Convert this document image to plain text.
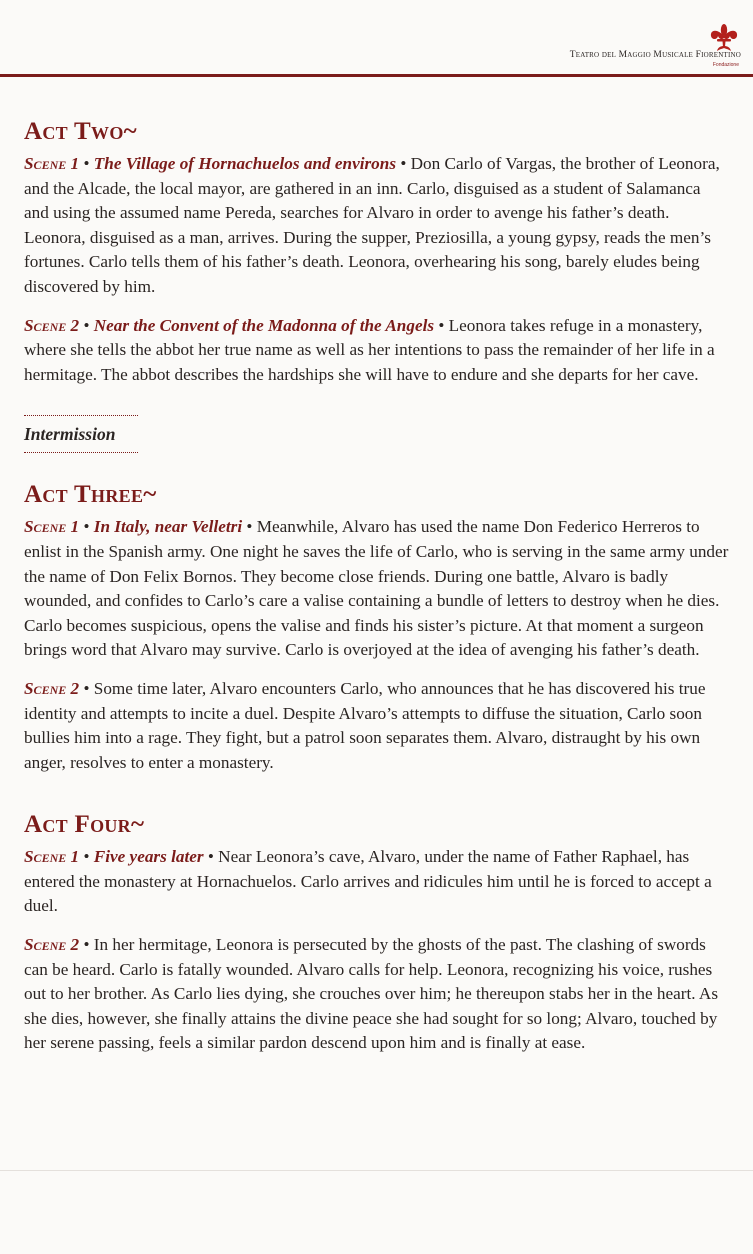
Teatro del Maggio Musicale Fiorentino
Fondazione
Act Two~

Scene 1 • The Village of Hornachuelos and environs • Don Carlo of Vargas, the brother of Leonora, and the Alcade, the local mayor, are gathered in an inn. Carlo, disguised as a student of Salamanca and using the assumed name Pereda, searches for Alvaro in order to avenge his father’s death. Leonora, disguised as a man, arrives. During the supper, Preziosilla, a young gypsy, reads the men’s fortunes. Carlo tells them of his father’s death. Leonora, overhearing his song, barely eludes being discovered by him.

Scene 2 • Near the Convent of the Madonna of the Angels • Leonora takes refuge in a monastery, where she tells the abbot her true name as well as her intentions to pass the remainder of her life in a hermitage. The abbot describes the hardships she will have to endure and she departs for her cave.

Intermission
Act Three~

Scene 1 • In Italy, near Velletri • Meanwhile, Alvaro has used the name Don Federico Herreros to enlist in the Spanish army. One night he saves the life of Carlo, who is serving in the same army under the name of Don Felix Bornos. They become close friends. During one battle, Alvaro is badly wounded, and confides to Carlo’s care a valise containing a bundle of letters to destroy when he dies. Carlo becomes suspicious, opens the valise and finds his sister’s picture. At that moment a surgeon brings word that Alvaro may survive. Carlo is overjoyed at the idea of avenging his father’s death.

Scene 2 • Some time later, Alvaro encounters Carlo, who announces that he has discovered his true identity and attempts to incite a duel. Despite Alvaro’s attempts to diffuse the situation, Carlo soon bullies him into a rage. They fight, but a patrol soon separates them. Alvaro, distraught by his own anger, resolves to enter a monastery.

Act Four~

Scene 1 • Five years later • Near Leonora’s cave, Alvaro, under the name of Father Raphael, has entered the monastery at Hornachuelos. Carlo arrives and ridicules him until he is forced to accept a duel.

Scene 2 • In her hermitage, Leonora is persecuted by the ghosts of the past. The clashing of swords can be heard. Carlo is fatally wounded. Alvaro calls for help. Leonora, recognizing his voice, rushes out to her brother. As Carlo lies dying, she crouches over him; he thereupon stabs her in the heart. As she dies, however, she finally attains the divine peace she had sought for so long; Alvaro, touched by her serene passing, feels a similar pardon descend upon him and is finally at ease.
